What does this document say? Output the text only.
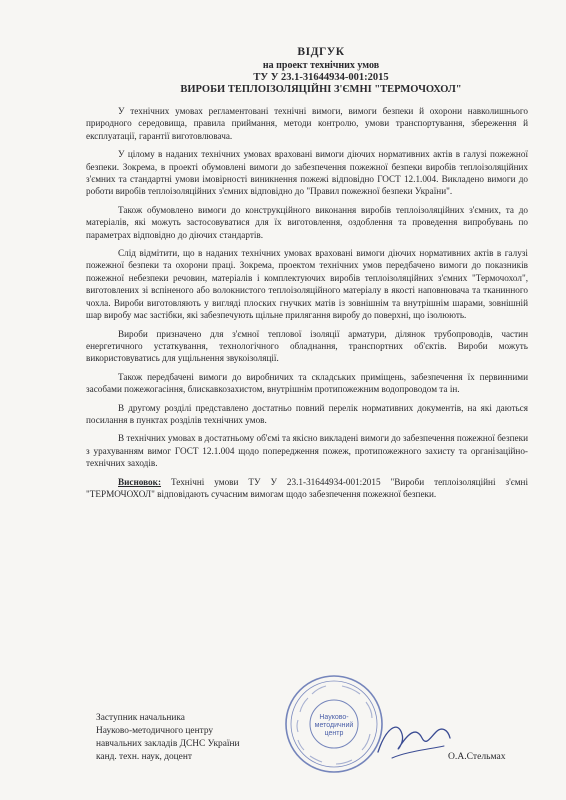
ВІДГУК
на проект технічних умов
ТУ У 23.1-31644934-001:2015
ВИРОБИ ТЕПЛОІЗОЛЯЦІЙНІ З'ЄМНІ "ТЕРМОЧОХОЛ"

У технічних умовах регламентовані технічні вимоги, вимоги безпеки й охорони навколишнього природного середовища, правила приймання, методи контролю, умови транспортування, збереження й експлуатації, гарантії виготовлювача.

У цілому в наданих технічних умовах враховані вимоги діючих нормативних актів в галузі пожежної безпеки. Зокрема, в проекті обумовлені вимоги до забезпечення пожежної безпеки виробів теплоізоляційних з'ємних та стандартні умови імовірності виникнення пожежі відповідно ГОСТ 12.1.004. Викладено вимоги до роботи виробів теплоізоляційних з'ємних відповідно до "Правил пожежної безпеки України".

Також обумовлено вимоги до конструкційного виконання виробів теплоізоляційних з'ємних, та до матеріалів, які можуть застосовуватися для їх виготовлення, оздоблення та проведення випробувань по параметрах відповідно до діючих стандартів.

Слід відмітити, що в наданих технічних умовах враховані вимоги діючих нормативних актів в галузі пожежної безпеки та охорони праці. Зокрема, проектом технічних умов передбачено вимоги до показників пожежної небезпеки речовин, матеріалів і комплектуючих виробів теплоізоляційних з'ємних "Термочохол", виготовлених зі вспіненого або волокнистого теплоізоляційного матеріалу в якості наповнювача та тканинного чохла. Вироби виготовляють у вигляді плоских гнучких матів із зовнішнім та внутрішнім шарами, зовнішній шар виробу має застібки, які забезпечують щільне прилягання виробу до поверхні, що ізолюють.

Вироби призначено для з'ємної теплової ізоляції арматури, ділянок трубопроводів, частин енергетичного устаткування, технологічного обладнання, транспортних об'єктів. Вироби можуть використовуватись для ущільнення звукоізоляції.

Також передбачені вимоги до виробничих та складських приміщень, забезпечення їх первинними засобами пожежогасіння, блискавкозахистом, внутрішнім протипожежним водопроводом та ін.

В другому розділі представлено достатньо повний перелік нормативних документів, на які даються посилання в пунктах розділів технічних умов.

В технічних умовах в достатньому об'ємі та якісно викладені вимоги до забезпечення пожежної безпеки з урахуванням вимог ГОСТ 12.1.004 щодо попередження пожеж, протипожежного захисту та організаційно-технічних заходів.

Висновок: Технічні умови ТУ У 23.1-31644934-001:2015 "Вироби теплоізоляційні з'ємні "ТЕРМОЧОХОЛ" відповідають сучасним вимогам щодо забезпечення пожежної безпеки.
Науково-
методичний
центр
Заступник начальника
Науково-методичного центру
навчальних закладів ДСНС України
канд. техн. наук, доцент	О.А.Стельмах
